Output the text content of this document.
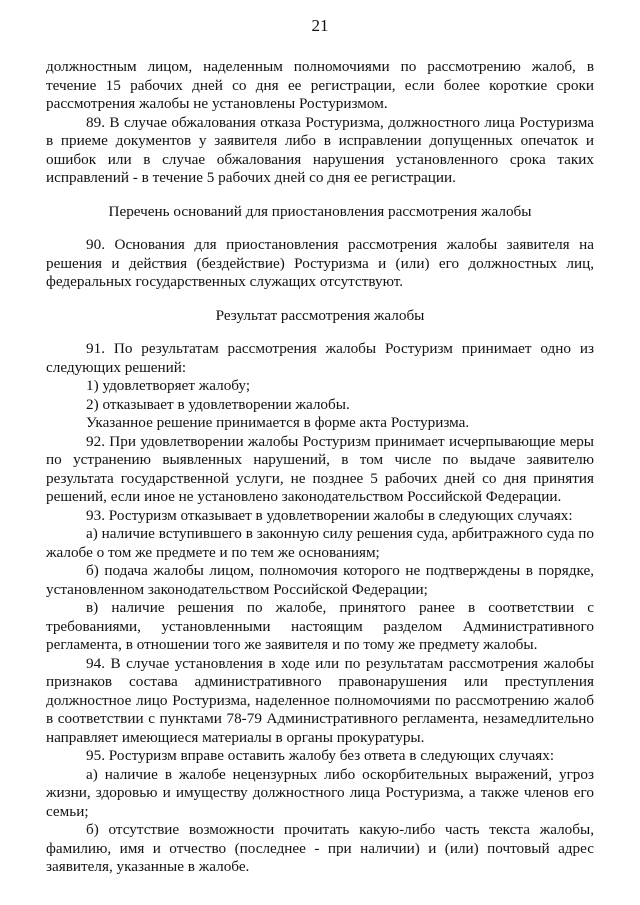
21

должностным лицом, наделенным полномочиями по рассмотрению жалоб, в течение 15 рабочих дней со дня ее регистрации, если более короткие сроки рассмотрения жалобы не установлены Ростуризмом.

89. В случае обжалования отказа Ростуризма, должностного лица Ростуризма в приеме документов у заявителя либо в исправлении допущенных опечаток и ошибок или в случае обжалования нарушения установленного срока таких исправлений - в течение 5 рабочих дней со дня ее регистрации.

Перечень оснований для приостановления рассмотрения жалобы

90. Основания для приостановления рассмотрения жалобы заявителя на решения и действия (бездействие) Ростуризма и (или) его должностных лиц, федеральных государственных служащих отсутствуют.

Результат рассмотрения жалобы

91. По результатам рассмотрения жалобы Ростуризм принимает одно из следующих решений:

1) удовлетворяет жалобу;

2) отказывает в удовлетворении жалобы.

Указанное решение принимается в форме акта Ростуризма.

92. При удовлетворении жалобы Ростуризм принимает исчерпывающие меры по устранению выявленных нарушений, в том числе по выдаче заявителю результата государственной услуги, не позднее 5 рабочих дней со дня принятия решений, если иное не установлено законодательством Российской Федерации.

93. Ростуризм отказывает в удовлетворении жалобы в следующих случаях:

а) наличие вступившего в законную силу решения суда, арбитражного суда по жалобе о том же предмете и по тем же основаниям;

б) подача жалобы лицом, полномочия которого не подтверждены в порядке, установленном законодательством Российской Федерации;

в) наличие решения по жалобе, принятого ранее в соответствии с требованиями, установленными настоящим разделом Административного регламента, в отношении того же заявителя и по тому же предмету жалобы.

94. В случае установления в ходе или по результатам рассмотрения жалобы признаков состава административного правонарушения или преступления должностное лицо Ростуризма, наделенное полномочиями по рассмотрению жалоб в соответствии с пунктами 78-79 Административного регламента, незамедлительно направляет имеющиеся материалы в органы прокуратуры.

95. Ростуризм вправе оставить жалобу без ответа в следующих случаях:

а) наличие в жалобе нецензурных либо оскорбительных выражений, угроз жизни, здоровью и имуществу должностного лица Ростуризма, а также членов его семьи;

б) отсутствие возможности прочитать какую-либо часть текста жалобы, фамилию, имя и отчество (последнее - при наличии) и (или) почтовый адрес заявителя, указанные в жалобе.
